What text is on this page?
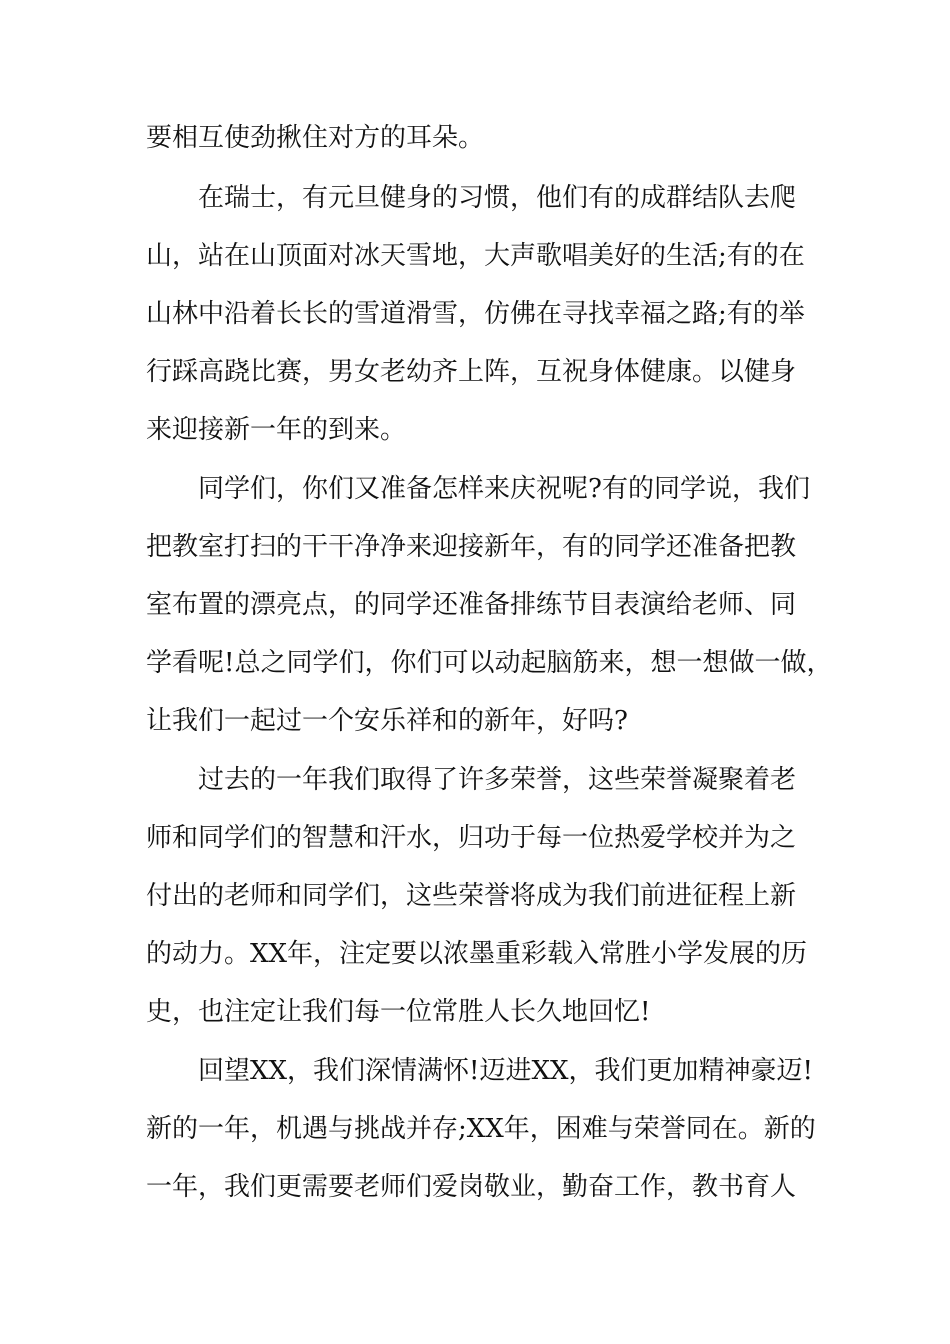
要相互使劲揪住对方的耳朵。
在瑞士，有元旦健身的习惯，他们有的成群结队去爬
山，站在山顶面对冰天雪地，大声歌唱美好的生活;有的在
山林中沿着长长的雪道滑雪，仿佛在寻找幸福之路;有的举
行踩高跷比赛，男女老幼齐上阵，互祝身体健康。以健身
来迎接新一年的到来。
同学们，你们又准备怎样来庆祝呢?有的同学说，我们
把教室打扫的干干净净来迎接新年，有的同学还准备把教
室布置的漂亮点，的同学还准备排练节目表演给老师、同
学看呢!总之同学们，你们可以动起脑筋来，想一想做一做，
让我们一起过一个安乐祥和的新年，好吗?
过去的一年我们取得了许多荣誉，这些荣誉凝聚着老
师和同学们的智慧和汗水，归功于每一位热爱学校并为之
付出的老师和同学们，这些荣誉将成为我们前进征程上新
的动力。XX年，注定要以浓墨重彩载入常胜小学发展的历
史，也注定让我们每一位常胜人长久地回忆!
回望XX，我们深情满怀!迈进XX，我们更加精神豪迈!
新的一年，机遇与挑战并存;XX年，困难与荣誉同在。新的
一年，我们更需要老师们爱岗敬业，勤奋工作，教书育人
